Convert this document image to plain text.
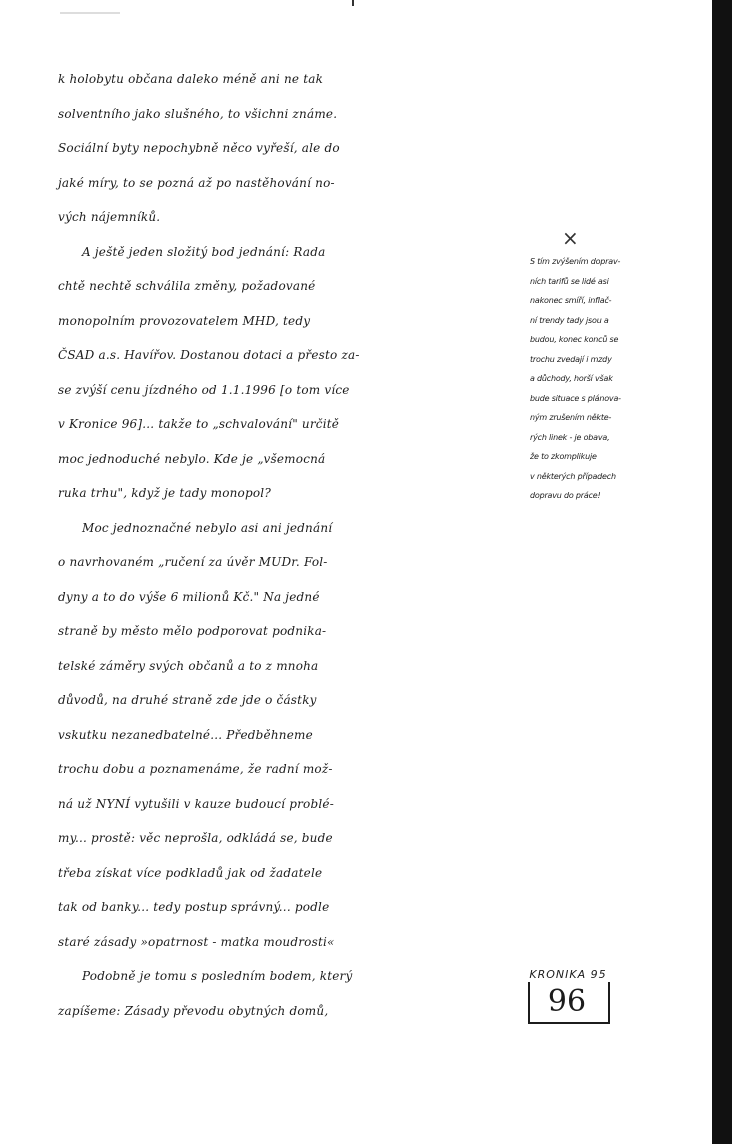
k holobytu občana daleko méně ani ne tak
solventního jako slušného, to všichni známe.
Sociální byty nepochybně něco vyřeší, ale do
jaké míry, to se pozná až po nastěhování no-
vých nájemníků.
A ještě jeden složitý bod jednání: Rada
chtě nechtě schválila změny, požadované
monopolním provozovatelem MHD, tedy
ČSAD a.s. Havířov. Dostanou dotaci a přesto za-
se zvýší cenu jízdného od 1.1.1996 [o tom více
v Kronice 96]... takže to „schvalování" určitě
moc jednoduché nebylo. Kde je „všemocná
ruka trhu", když je tady monopol?
Moc jednoznačné nebylo asi ani jednání
o navrhovaném „ručení za úvěr MUDr. Fol-
dyny a to do výše 6 milionů Kč." Na jedné
straně by město mělo podporovat podnika-
telské záměry svých občanů a to z mnoha
důvodů, na druhé straně zde jde o částky
vskutku nezanedbatelné... Předběhneme
trochu dobu a poznamenáme, že radní mož-
ná už NYNÍ vytušili v kauze budoucí problé-
my... prostě: věc neprošla, odkládá se, bude
třeba získat více podkladů jak od žadatele
tak od banky... tedy postup správný... podle
staré zásady »opatrnost - matka moudrosti«
Podobně je tomu s posledním bodem, který
zapíšeme: Zásady převodu obytných domů,
×
S tím zvýšením doprav-
ních tarifů se lidé asi
nakonec smíří, inflač-
ní trendy tady jsou a
budou, konec konců se
trochu zvedají i mzdy
a důchody, horší však
bude situace s plánova-
ným zrušením někte-
rých linek - je obava,
že to zkomplikuje
v některých případech
dopravu do práce!
KRONIKA 95
96
